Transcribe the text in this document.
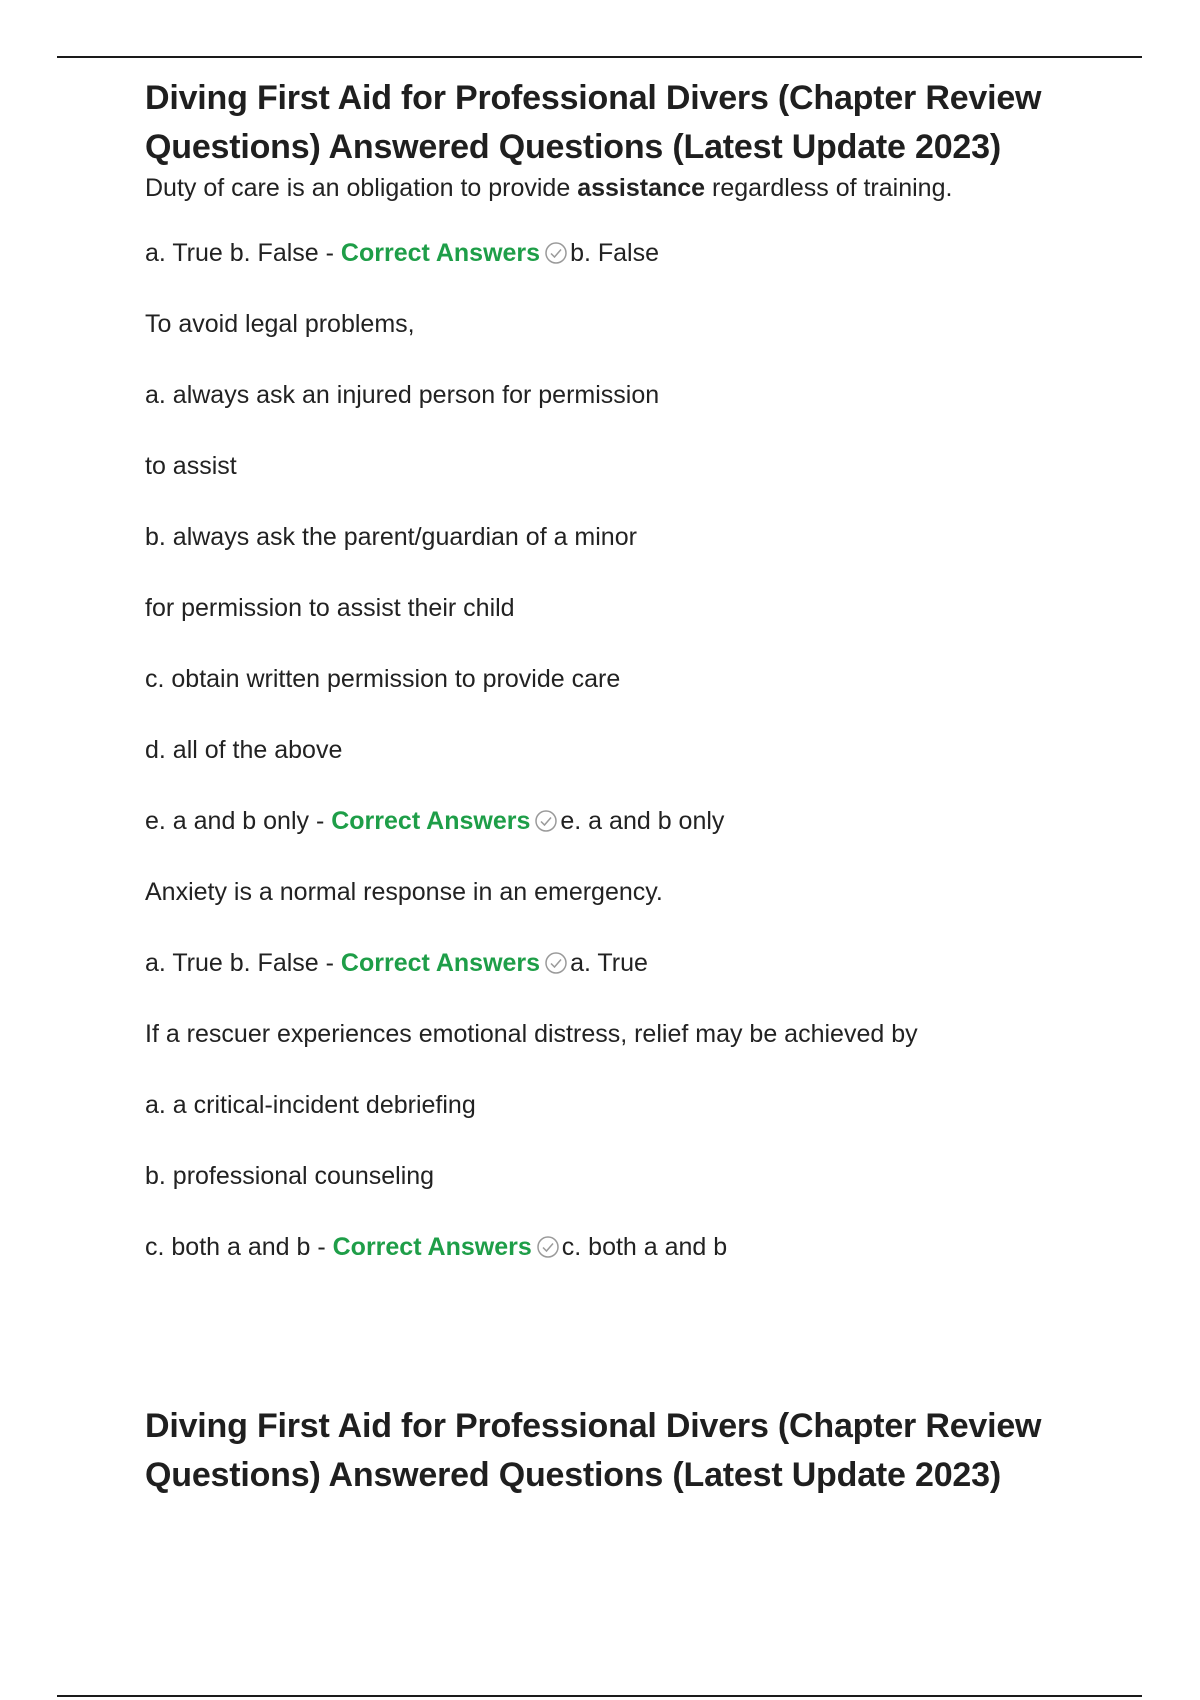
Diving First Aid for Professional Divers (Chapter Review Questions) Answered Questions (Latest Update 2023)

Duty of care is an obligation to provide assistance regardless of training.

a. True b. False - Correct Answers b. False

To avoid legal problems,

a. always ask an injured person for permission

to assist

b. always ask the parent/guardian of a minor

for permission to assist their child

c. obtain written permission to provide care

d. all of the above

e. a and b only - Correct Answers e. a and b only

Anxiety is a normal response in an emergency.

a. True b. False - Correct Answers a. True

If a rescuer experiences emotional distress, relief may be achieved by

a. a critical-incident debriefing

b. professional counseling

c. both a and b - Correct Answers c. both a and b

Diving First Aid for Professional Divers (Chapter Review Questions) Answered Questions (Latest Update 2023)
